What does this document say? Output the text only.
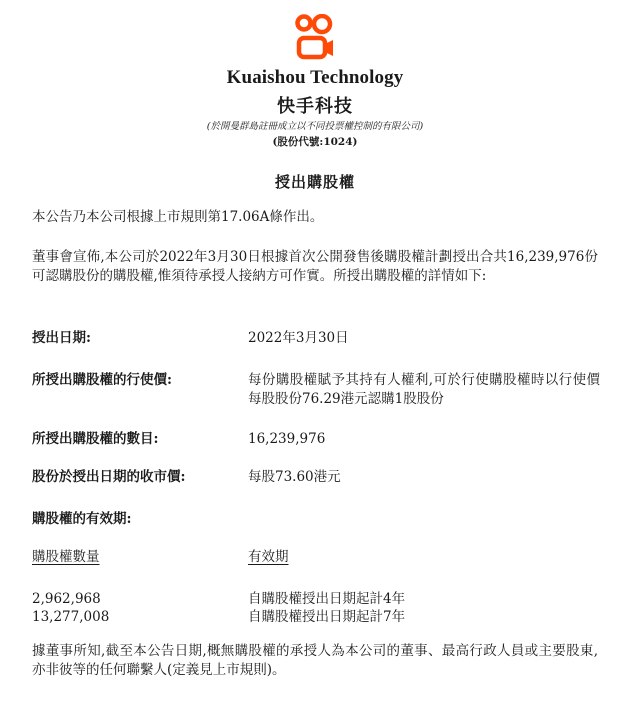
Kuaishou Technology
快手科技
(於開曼群島註冊成立以不同投票權控制的有限公司)
(股份代號:1024)
授出購股權
本公告乃本公司根據上市規則第17.06A條作出。
董事會宣佈,本公司於2022年3月30日根據首次公開發售後購股權計劃授出合共16,239,976份可認購股份的購股權,惟須待承授人接納方可作實。所授出購股權的詳情如下:
授出日期:	2022年3月30日
所授出購股權的行使價:	每份購股權賦予其持有人權利,可於行使購股權時以行使價每股股份76.29港元認購1股股份
所授出購股權的數目:	16,239,976
股份於授出日期的收市價:	每股73.60港元
購股權的有效期:
購股權數量	有效期
2,962,968	自購股權授出日期起計4年
13,277,008	自購股權授出日期起計7年
據董事所知,截至本公告日期,概無購股權的承授人為本公司的董事、最高行政人員或主要股東,亦非彼等的任何聯繫人(定義見上市規則)。
